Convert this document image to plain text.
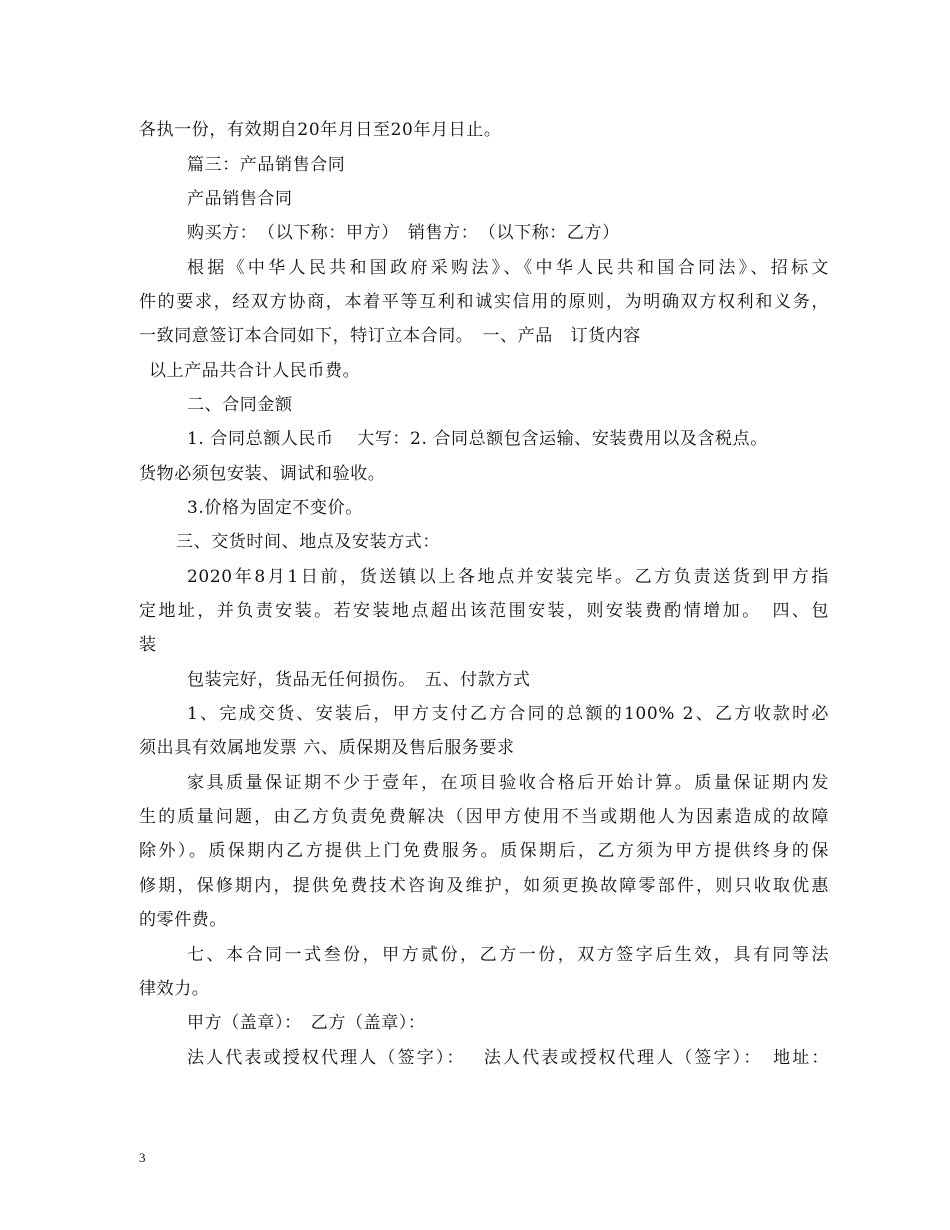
各执一份，有效期自20年月日至20年月日止。
篇三：产品销售合同
产品销售合同
购买方：　（以下称：甲方）　销售方：　（以下称：乙方）
根据《中华人民共和国政府采购法》、《中华人民共和国合同法》、招标文
件的要求，经双方协商，本着平等互利和诚实信用的原则，为明确双方权利和义务，
一致同意签订本合同如下，特订立本合同。　一、产品　订货内容
以上产品共合计人民币费。
二、合同金额
1. 合同总额人民币　 大写：2. 合同总额包含运输、安装费用以及含税点。
货物必须包安装、调试和验收。
3.价格为固定不变价。
三、交货时间、地点及安装方式：
2020年8月1日前，货送镇以上各地点并安装完毕。乙方负责送货到甲方指
定地址，并负责安装。若安装地点超出该范围安装，则安装费酌情增加。　四、包
装
包装完好，货品无任何损伤。　五、付款方式
1、完成交货、安装后，甲方支付乙方合同的总额的100% 2、乙方收款时必
须出具有效属地发票 六、质保期及售后服务要求
家具质量保证期不少于壹年，在项目验收合格后开始计算。质量保证期内发
生的质量问题，由乙方负责免费解决（因甲方使用不当或期他人为因素造成的故障
除外）。质保期内乙方提供上门免费服务。质保期后，乙方须为甲方提供终身的保
修期，保修期内，提供免费技术咨询及维护，如须更换故障零部件，则只收取优惠
的零件费。
七、本合同一式叁份，甲方贰份，乙方一份，双方签字后生效，具有同等法
律效力。
甲方（盖章）：　乙方（盖章）：
法人代表或授权代理人（签字）：　 法人代表或授权代理人（签字）：　地址：
3
